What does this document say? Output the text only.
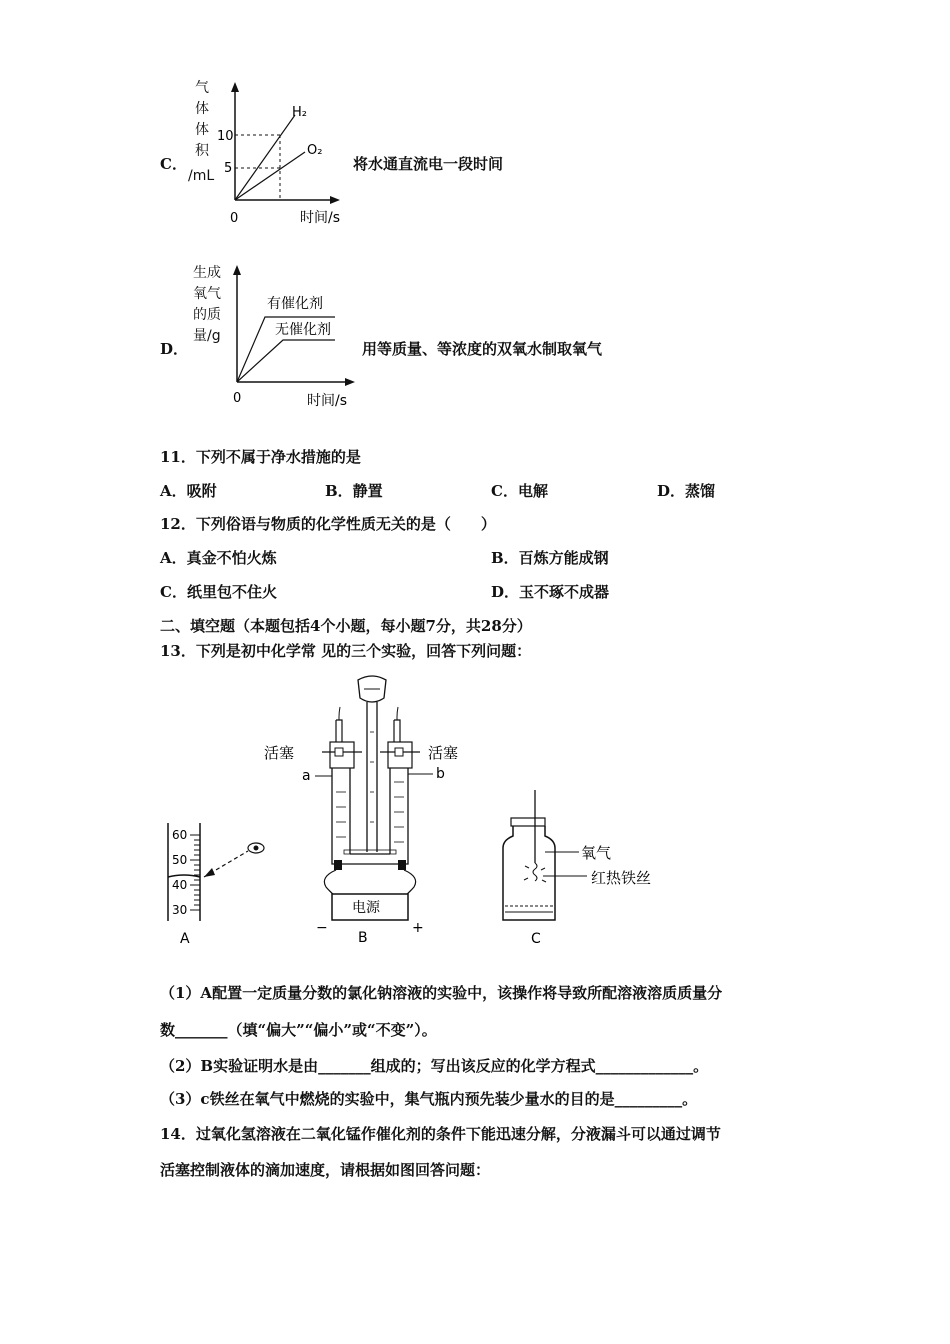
C．
气
体
体
积
/mL
10
5
0
H₂
O₂
时间/s
将水通直流电一段时间
D．
生成
氧气
的质
量/g
0
有催化剂
无催化剂
时间/s
用等质量、等浓度的双氧水制取氧气
11．下列不属于净水措施的是
A．吸附	B．静置	C．电解	D．蒸馏
12．下列俗语与物质的化学性质无关的是（　　）
A．真金不怕火炼	B．百炼方能成钢
C．纸里包不住火	D．玉不琢不成器
二、填空题（本题包括4个小题，每小题7分，共28分）
13．下列是初中化学常 见的三个实验，回答下列问题：
60
50
40
30
A
电源
−	+
活塞	活塞
a	b
B
氧气
红热铁丝
C
（1）A配置一定质量分数的氯化钠溶液的实验中，该操作将导致所配溶液溶质质量分
数_______（填“偏大”“偏小”或“不变”）。
（2）B实验证明水是由_______组成的；写出该反应的化学方程式_____________。
（3）c铁丝在氧气中燃烧的实验中，集气瓶内预先装少量水的目的是_________。
14．过氧化氢溶液在二氧化锰作催化剂的条件下能迅速分解，分液漏斗可以通过调节
活塞控制液体的滴加速度，请根据如图回答问题：
